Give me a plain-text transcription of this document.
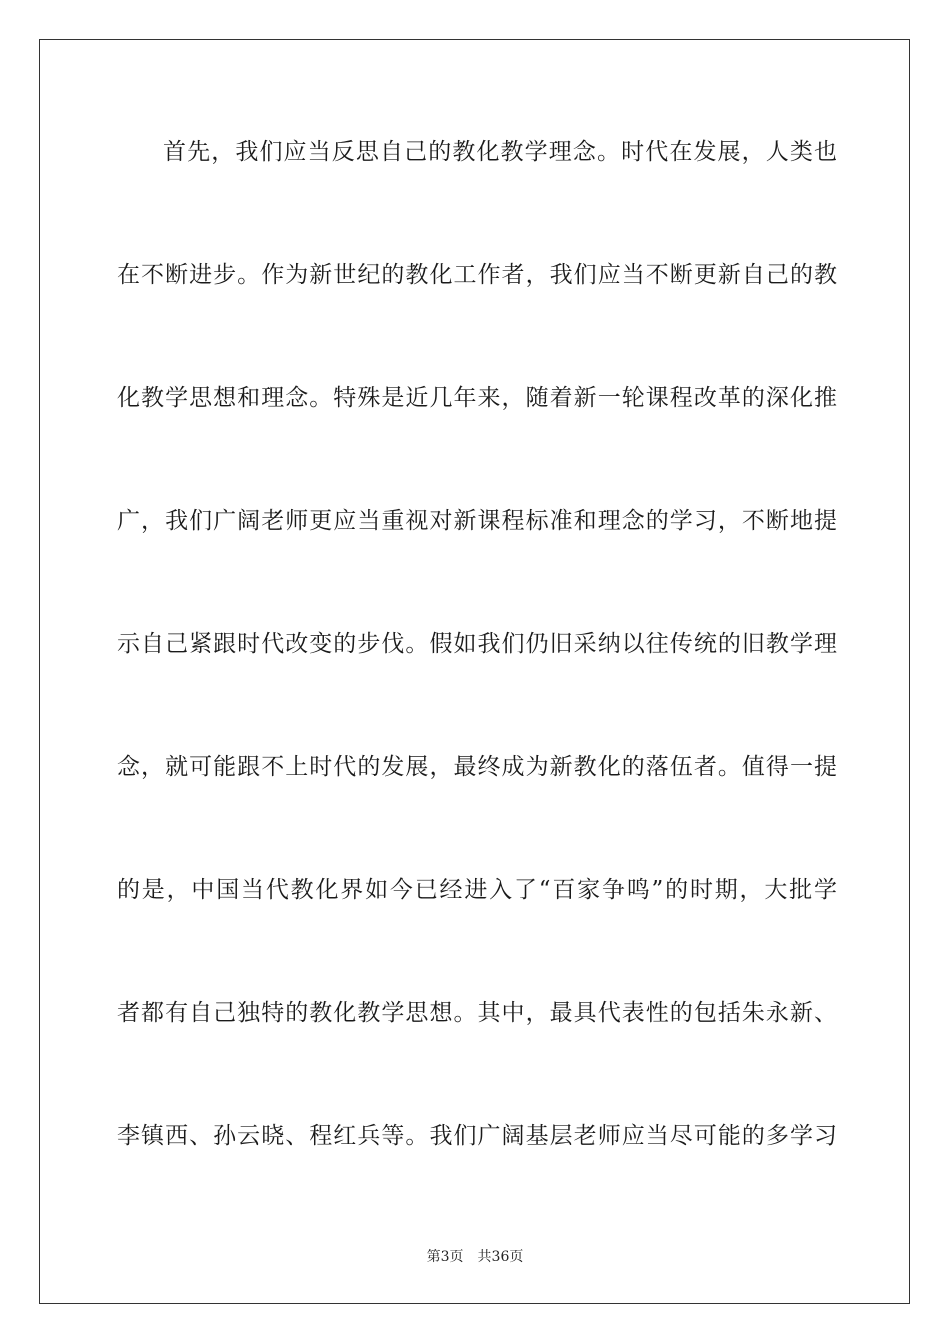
首先，我们应当反思自己的教化教学理念。时代在发展，人类也
在不断进步。作为新世纪的教化工作者，我们应当不断更新自己的教
化教学思想和理念。特殊是近几年来，随着新一轮课程改革的深化推
广，我们广阔老师更应当重视对新课程标准和理念的学习，不断地提
示自己紧跟时代改变的步伐。假如我们仍旧采纳以往传统的旧教学理
念，就可能跟不上时代的发展，最终成为新教化的落伍者。值得一提
的是，中国当代教化界如今已经进入了“百家争鸣”的时期，大批学
者都有自己独特的教化教学思想。其中，最具代表性的包括朱永新、
李镇西、孙云晓、程红兵等。我们广阔基层老师应当尽可能的多学习
第3页 共36页
